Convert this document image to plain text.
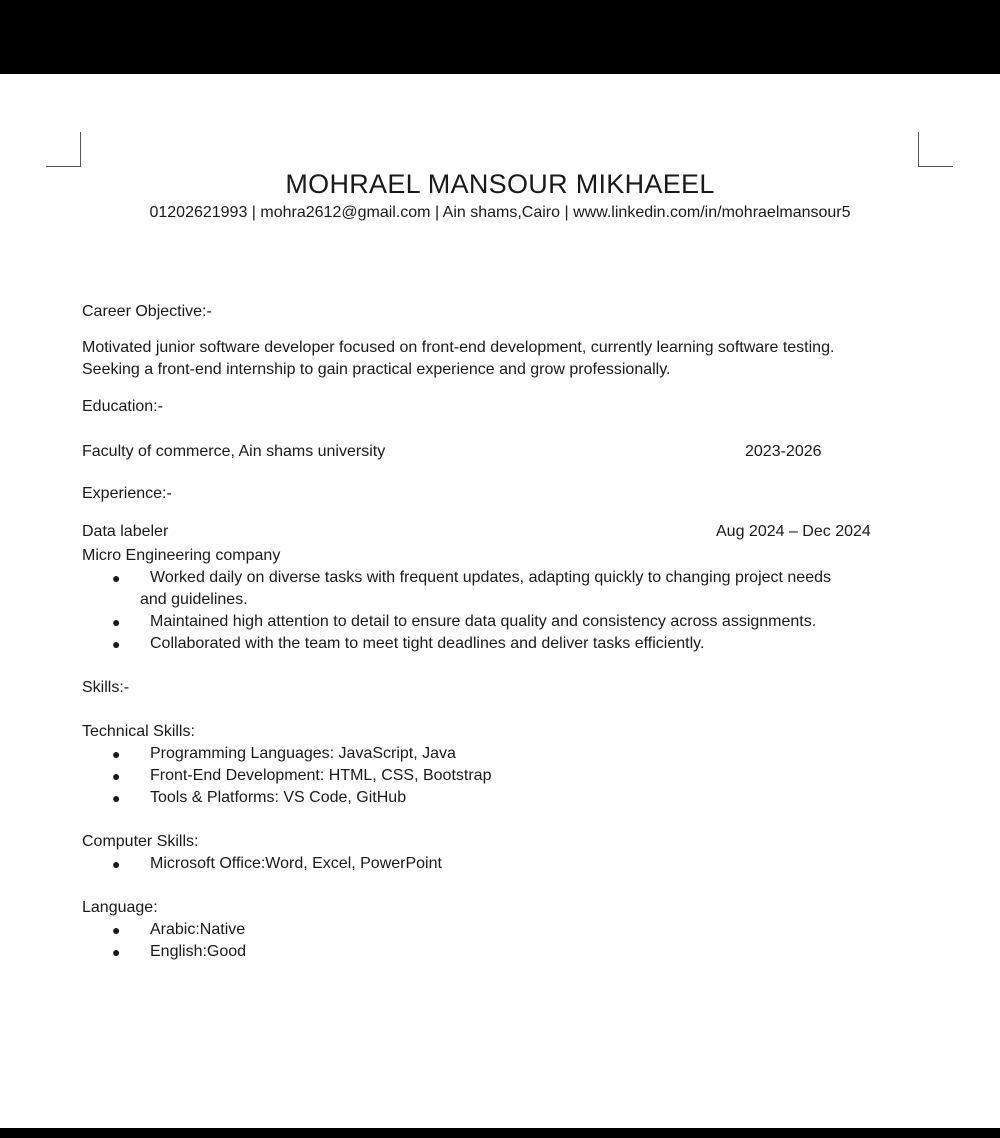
MOHRAEL MANSOUR MIKHAEEL
01202621993 | mohra2612@gmail.com | Ain shams,Cairo | www.linkedin.com/in/mohraelmansour5
Career Objective:-
Motivated junior software developer focused on front-end development, currently learning software testing.
Seeking a front-end internship to gain practical experience and grow professionally.
Education:-
Faculty of commerce, Ain shams university	2023-2026
Experience:-
Data labeler	Aug 2024 – Dec 2024
Micro Engineering company
● Worked daily on diverse tasks with frequent updates, adapting quickly to changing project needs
and guidelines.
● Maintained high attention to detail to ensure data quality and consistency across assignments.
● Collaborated with the team to meet tight deadlines and deliver tasks efficiently.
Skills:-
Technical Skills:
● Programming Languages: JavaScript, Java
● Front-End Development: HTML, CSS, Bootstrap
● Tools & Platforms: VS Code, GitHub
Computer Skills:
● Microsoft Office:Word, Excel, PowerPoint
Language:
● Arabic:Native
● English:Good
